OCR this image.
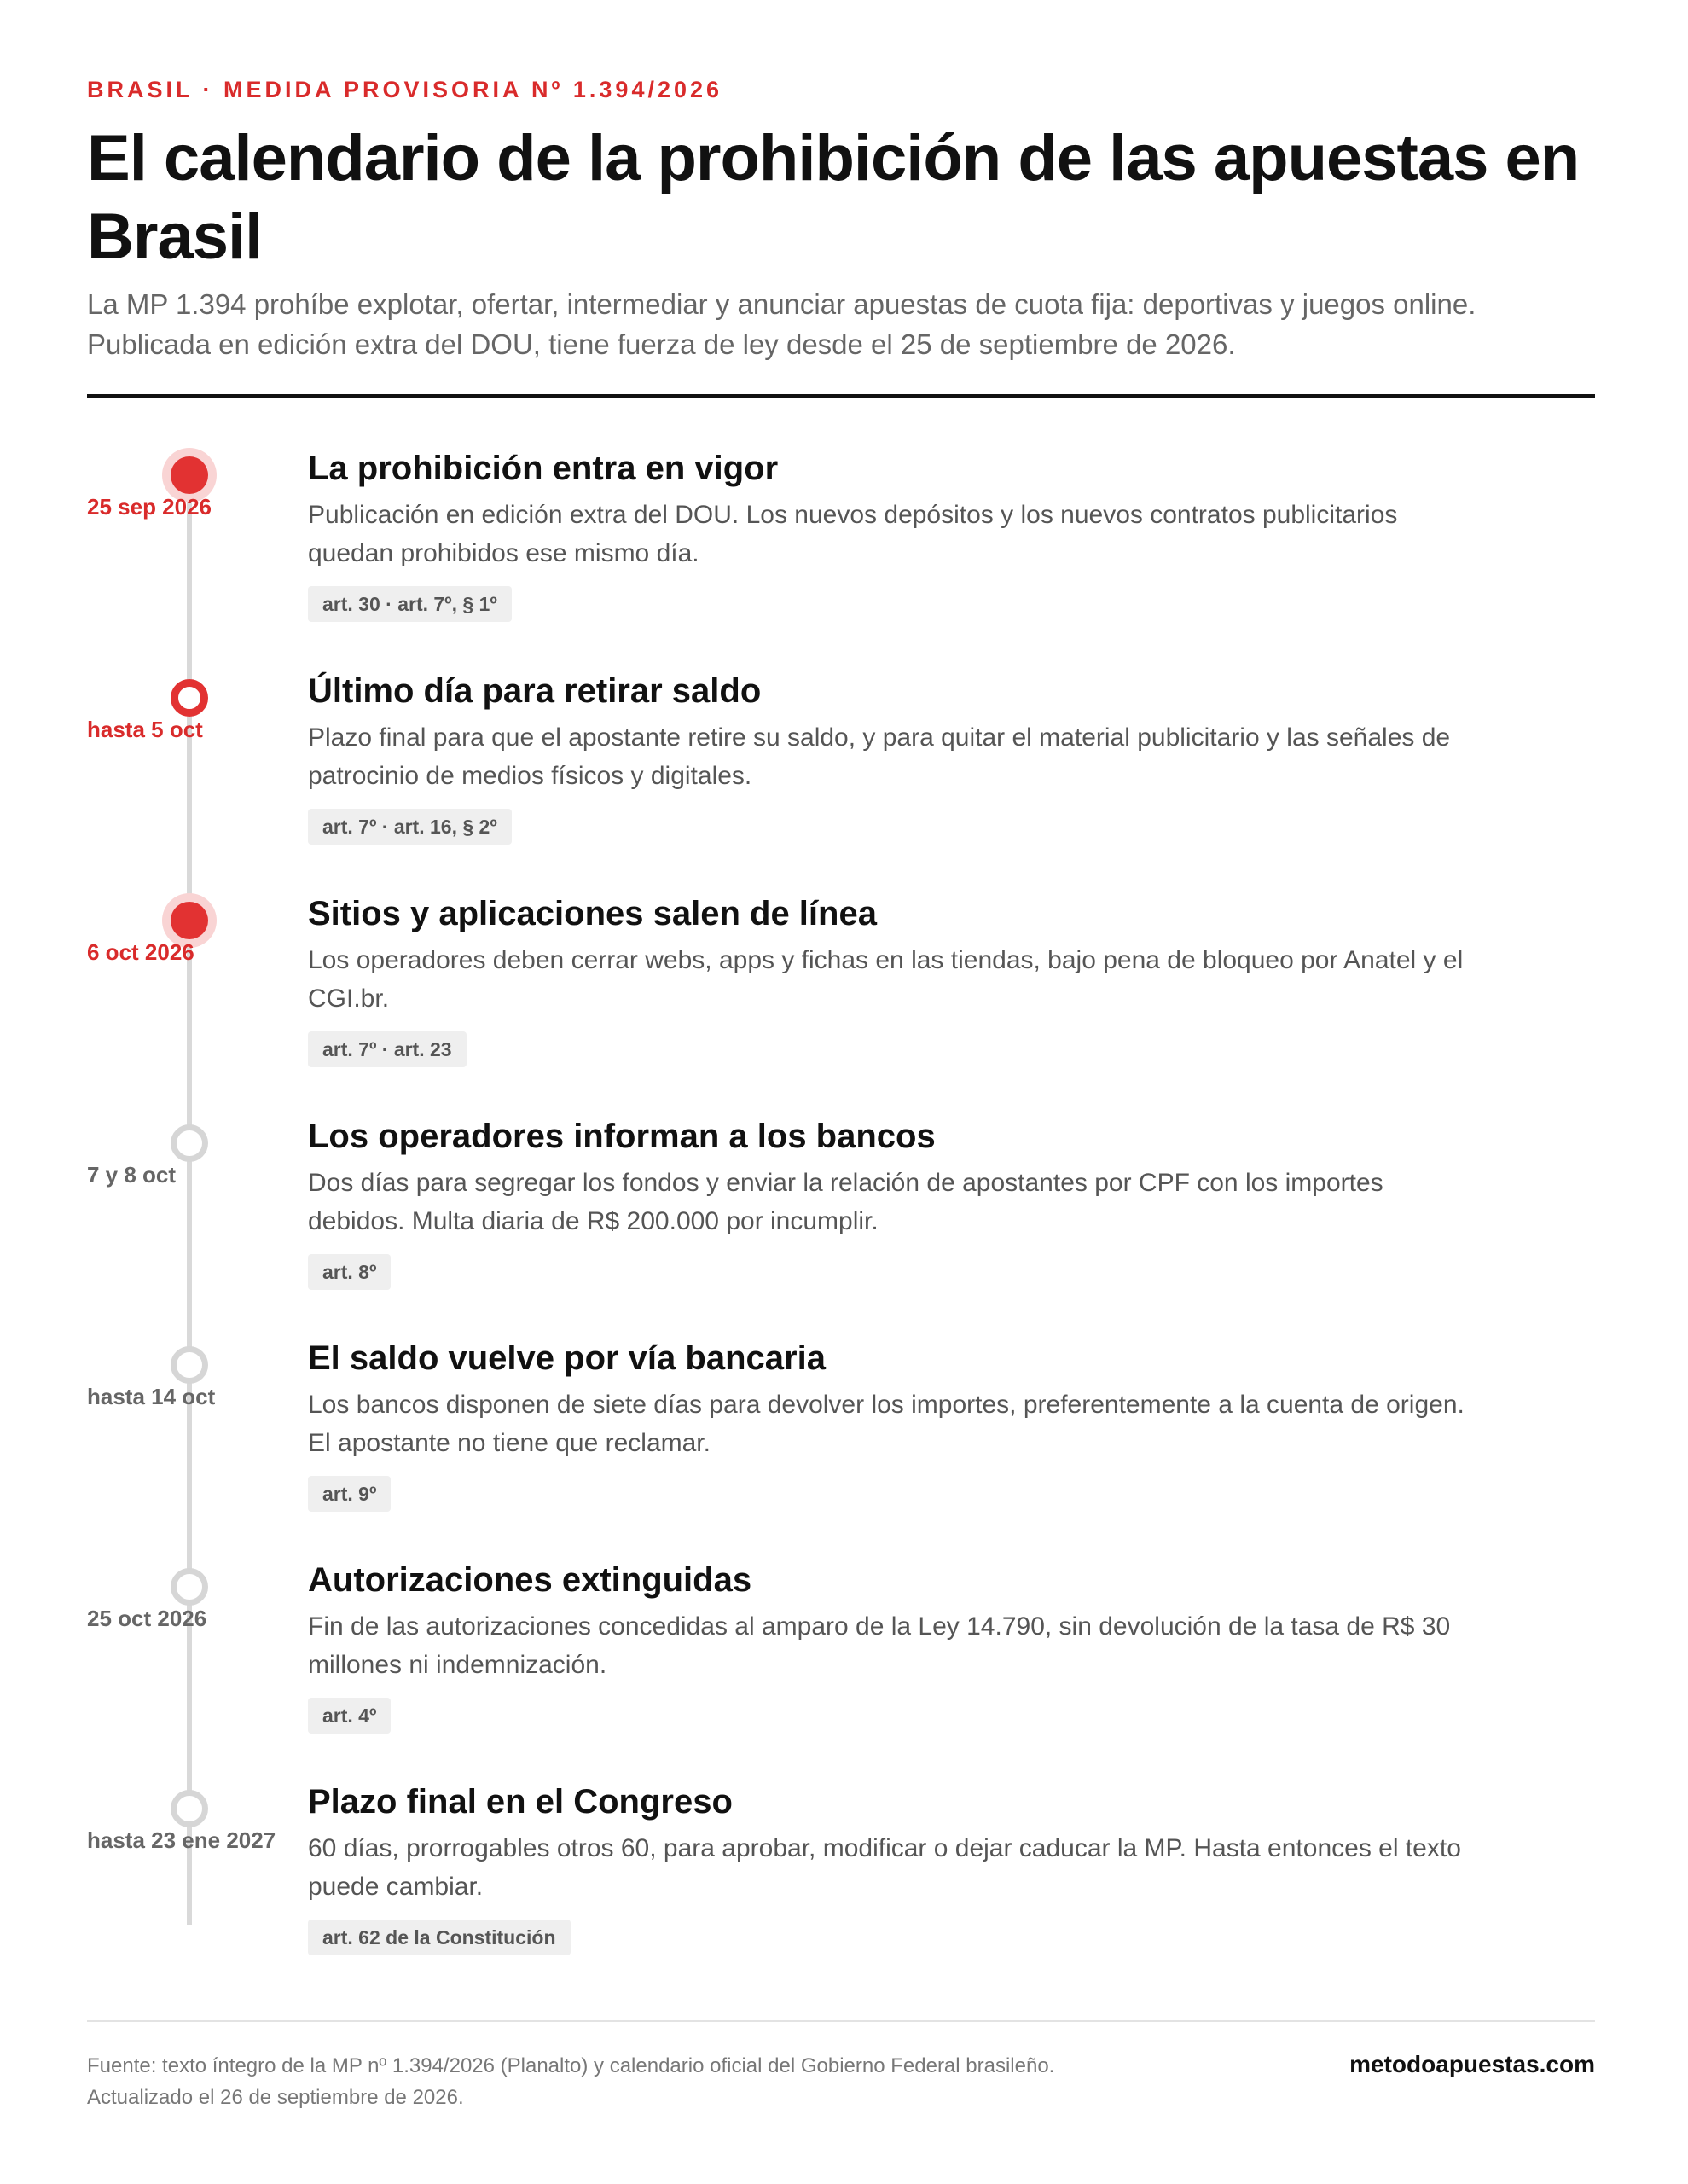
BRASIL · MEDIDA PROVISORIA Nº 1.394/2026
El calendario de la prohibición de las apuestas en Brasil
La MP 1.394 prohíbe explotar, ofertar, intermediar y anunciar apuestas de cuota fija: deportivas y juegos online. Publicada en edición extra del DOU, tiene fuerza de ley desde el 25 de septiembre de 2026.
25 sep 2026
La prohibición entra en vigor
Publicación en edición extra del DOU. Los nuevos depósitos y los nuevos contratos publicitarios quedan prohibidos ese mismo día.
art. 30 · art. 7º, § 1º
hasta 5 oct
Último día para retirar saldo
Plazo final para que el apostante retire su saldo, y para quitar el material publicitario y las señales de patrocinio de medios físicos y digitales.
art. 7º · art. 16, § 2º
6 oct 2026
Sitios y aplicaciones salen de línea
Los operadores deben cerrar webs, apps y fichas en las tiendas, bajo pena de bloqueo por Anatel y el CGI.br.
art. 7º · art. 23
7 y 8 oct
Los operadores informan a los bancos
Dos días para segregar los fondos y enviar la relación de apostantes por CPF con los importes debidos. Multa diaria de R$ 200.000 por incumplir.
art. 8º
hasta 14 oct
El saldo vuelve por vía bancaria
Los bancos disponen de siete días para devolver los importes, preferentemente a la cuenta de origen. El apostante no tiene que reclamar.
art. 9º
25 oct 2026
Autorizaciones extinguidas
Fin de las autorizaciones concedidas al amparo de la Ley 14.790, sin devolución de la tasa de R$ 30 millones ni indemnización.
art. 4º
hasta 23 ene 2027
Plazo final en el Congreso
60 días, prorrogables otros 60, para aprobar, modificar o dejar caducar la MP. Hasta entonces el texto puede cambiar.
art. 62 de la Constitución
Fuente: texto íntegro de la MP nº 1.394/2026 (Planalto) y calendario oficial del Gobierno Federal brasileño.
Actualizado el 26 de septiembre de 2026.
metodoapuestas.com
